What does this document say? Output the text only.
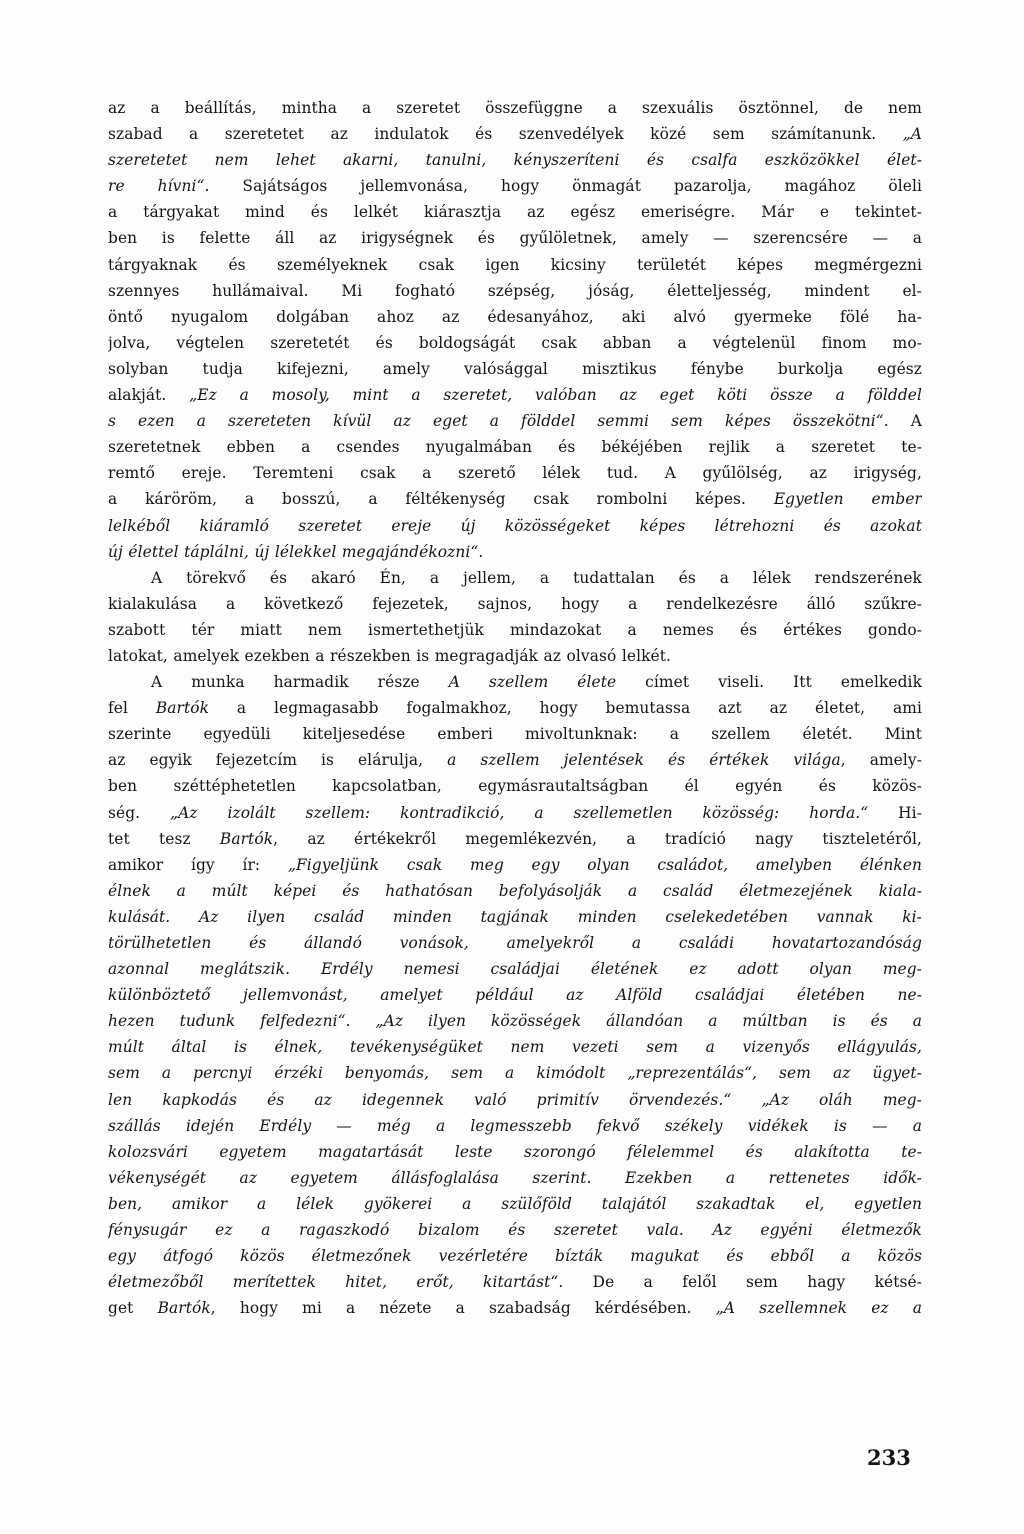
az a beállítás, mintha a szeretet összefüggne a szexuális ösztönnel, de nem
szabad a szeretetet az indulatok és szenvedélyek közé sem számítanunk. „A
szeretetet nem lehet akarni, tanulni, kényszeríteni és csalfa eszközökkel élet-
re hívni“. Sajátságos jellemvonása, hogy önmagát pazarolja, magához öleli
a tárgyakat mind és lelkét kiárasztja az egész emeriségre. Már e tekintet-
ben is felette áll az irigységnek és gyűlöletnek, amely — szerencsére — a
tárgyaknak és személyeknek csak igen kicsiny területét képes megmérgezni
szennyes hullámaival. Mi fogható szépség, jóság, életteljesség, mindent el-
öntő nyugalom dolgában ahoz az édesanyához, aki alvó gyermeke fölé ha-
jolva, végtelen szeretetét és boldogságát csak abban a végtelenül finom mo-
solyban tudja kifejezni, amely valósággal misztikus fénybe burkolja egész
alakját. „Ez a mosoly, mint a szeretet, valóban az eget köti össze a földdel
s ezen a szereteten kívül az eget a földdel semmi sem képes összekötni“. A
szeretetnek ebben a csendes nyugalmában és békéjében rejlik a szeretet te-
remtő ereje. Teremteni csak a szerető lélek tud. A gyűlölség, az irigység,
a káröröm, a bosszú, a féltékenység csak rombolni képes. Egyetlen ember
lelkéből kiáramló szeretet ereje új közösségeket képes létrehozni és azokat
új élettel táplálni, új lélekkel megajándékozni“.
A törekvő és akaró Én, a jellem, a tudattalan és a lélek rendszerének
kialakulása a következő fejezetek, sajnos, hogy a rendelkezésre álló szűkre-
szabott tér miatt nem ismertethetjük mindazokat a nemes és értékes gondo-
latokat, amelyek ezekben a részekben is megragadják az olvasó lelkét.
A munka harmadik része A szellem élete címet viseli. Itt emelkedik
fel Bartók a legmagasabb fogalmakhoz, hogy bemutassa azt az életet, ami
szerinte egyedüli kiteljesedése emberi mivoltunknak: a szellem életét. Mint
az egyik fejezetcím is elárulja, a szellem jelentések és értékek világa, amely-
ben széttéphetetlen kapcsolatban, egymásrautaltságban él egyén és közös-
ség. „Az izolált szellem: kontradikció, a szellemetlen közösség: horda.“ Hi-
tet tesz Bartók, az értékekről megemlékezvén, a tradíció nagy tiszteletéről,
amikor így ír: „Figyeljünk csak meg egy olyan családot, amelyben élénken
élnek a múlt képei és hathatósan befolyásolják a család életmezejének kiala-
kulását. Az ilyen család minden tagjának minden cselekedetében vannak ki-
törülhetetlen és állandó vonások, amelyekről a családi hovatartozandóság
azonnal meglátszik. Erdély nemesi családjai életének ez adott olyan meg-
különböztető jellemvonást, amelyet például az Alföld családjai életében ne-
hezen tudunk felfedezni“. „Az ilyen közösségek állandóan a múltban is és a
múlt által is élnek, tevékenységüket nem vezeti sem a vizenyős ellágyulás,
sem a percnyi érzéki benyomás, sem a kimódolt „reprezentálás“, sem az ügyet-
len kapkodás és az idegennek való primitív örvendezés.“ „Az oláh meg-
szállás idején Erdély — még a legmesszebb fekvő székely vidékek is — a
kolozsvári egyetem magatartását leste szorongó félelemmel és alakította te-
vékenységét az egyetem állásfoglalása szerint. Ezekben a rettenetes idők-
ben, amikor a lélek gyökerei a szülőföld talajától szakadtak el, egyetlen
fénysugár ez a ragaszkodó bizalom és szeretet vala. Az egyéni életmezők
egy átfogó közös életmezőnek vezérletére bízták magukat és ebből a közös
életmezőből merítettek hitet, erőt, kitartást“. De a felől sem hagy kétsé-
get Bartók, hogy mi a nézete a szabadság kérdésében. „A szellemnek ez a
233
